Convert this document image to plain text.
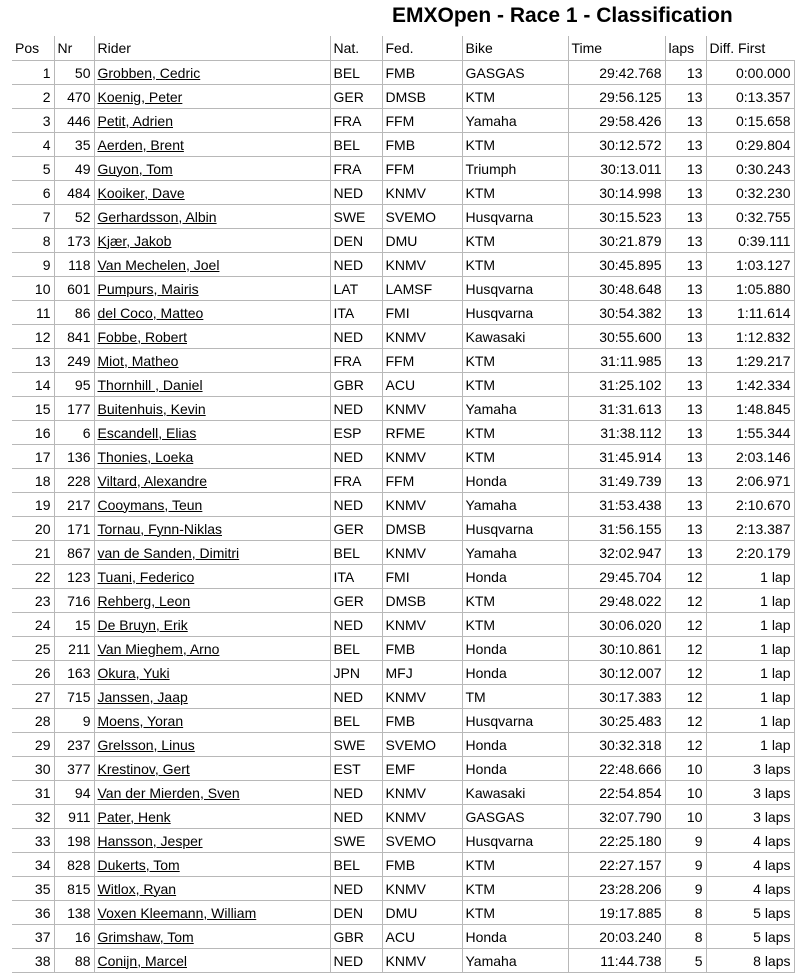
EMXOpen - Race 1 - Classification
Pos	Nr	Rider	Nat.	Fed.	Bike	Time	laps	Diff. First
1	50	Grobben, Cedric	BEL	FMB	GASGAS	29:42.768	13	0:00.000
2	470	Koenig, Peter	GER	DMSB	KTM	29:56.125	13	0:13.357
3	446	Petit, Adrien	FRA	FFM	Yamaha	29:58.426	13	0:15.658
4	35	Aerden, Brent	BEL	FMB	KTM	30:12.572	13	0:29.804
5	49	Guyon, Tom	FRA	FFM	Triumph	30:13.011	13	0:30.243
6	484	Kooiker, Dave	NED	KNMV	KTM	30:14.998	13	0:32.230
7	52	Gerhardsson, Albin	SWE	SVEMO	Husqvarna	30:15.523	13	0:32.755
8	173	Kjær, Jakob	DEN	DMU	KTM	30:21.879	13	0:39.111
9	118	Van Mechelen, Joel	NED	KNMV	KTM	30:45.895	13	1:03.127
10	601	Pumpurs, Mairis	LAT	LAMSF	Husqvarna	30:48.648	13	1:05.880
11	86	del Coco, Matteo	ITA	FMI	Husqvarna	30:54.382	13	1:11.614
12	841	Fobbe, Robert	NED	KNMV	Kawasaki	30:55.600	13	1:12.832
13	249	Miot, Matheo	FRA	FFM	KTM	31:11.985	13	1:29.217
14	95	Thornhill , Daniel	GBR	ACU	KTM	31:25.102	13	1:42.334
15	177	Buitenhuis, Kevin	NED	KNMV	Yamaha	31:31.613	13	1:48.845
16	6	Escandell, Elias	ESP	RFME	KTM	31:38.112	13	1:55.344
17	136	Thonies, Loeka	NED	KNMV	KTM	31:45.914	13	2:03.146
18	228	Viltard, Alexandre	FRA	FFM	Honda	31:49.739	13	2:06.971
19	217	Cooymans, Teun	NED	KNMV	Yamaha	31:53.438	13	2:10.670
20	171	Tornau, Fynn-Niklas	GER	DMSB	Husqvarna	31:56.155	13	2:13.387
21	867	van de Sanden, Dimitri	BEL	KNMV	Yamaha	32:02.947	13	2:20.179
22	123	Tuani, Federico	ITA	FMI	Honda	29:45.704	12	1 lap
23	716	Rehberg, Leon	GER	DMSB	KTM	29:48.022	12	1 lap
24	15	De Bruyn, Erik	NED	KNMV	KTM	30:06.020	12	1 lap
25	211	Van Mieghem, Arno	BEL	FMB	Honda	30:10.861	12	1 lap
26	163	Okura, Yuki	JPN	MFJ	Honda	30:12.007	12	1 lap
27	715	Janssen, Jaap	NED	KNMV	TM	30:17.383	12	1 lap
28	9	Moens, Yoran	BEL	FMB	Husqvarna	30:25.483	12	1 lap
29	237	Grelsson, Linus	SWE	SVEMO	Honda	30:32.318	12	1 lap
30	377	Krestinov, Gert	EST	EMF	Honda	22:48.666	10	3 laps
31	94	Van der Mierden, Sven	NED	KNMV	Kawasaki	22:54.854	10	3 laps
32	911	Pater, Henk	NED	KNMV	GASGAS	32:07.790	10	3 laps
33	198	Hansson, Jesper	SWE	SVEMO	Husqvarna	22:25.180	9	4 laps
34	828	Dukerts, Tom	BEL	FMB	KTM	22:27.157	9	4 laps
35	815	Witlox, Ryan	NED	KNMV	KTM	23:28.206	9	4 laps
36	138	Voxen Kleemann, William	DEN	DMU	KTM	19:17.885	8	5 laps
37	16	Grimshaw, Tom	GBR	ACU	Honda	20:03.240	8	5 laps
38	88	Conijn, Marcel	NED	KNMV	Yamaha	11:44.738	5	8 laps
